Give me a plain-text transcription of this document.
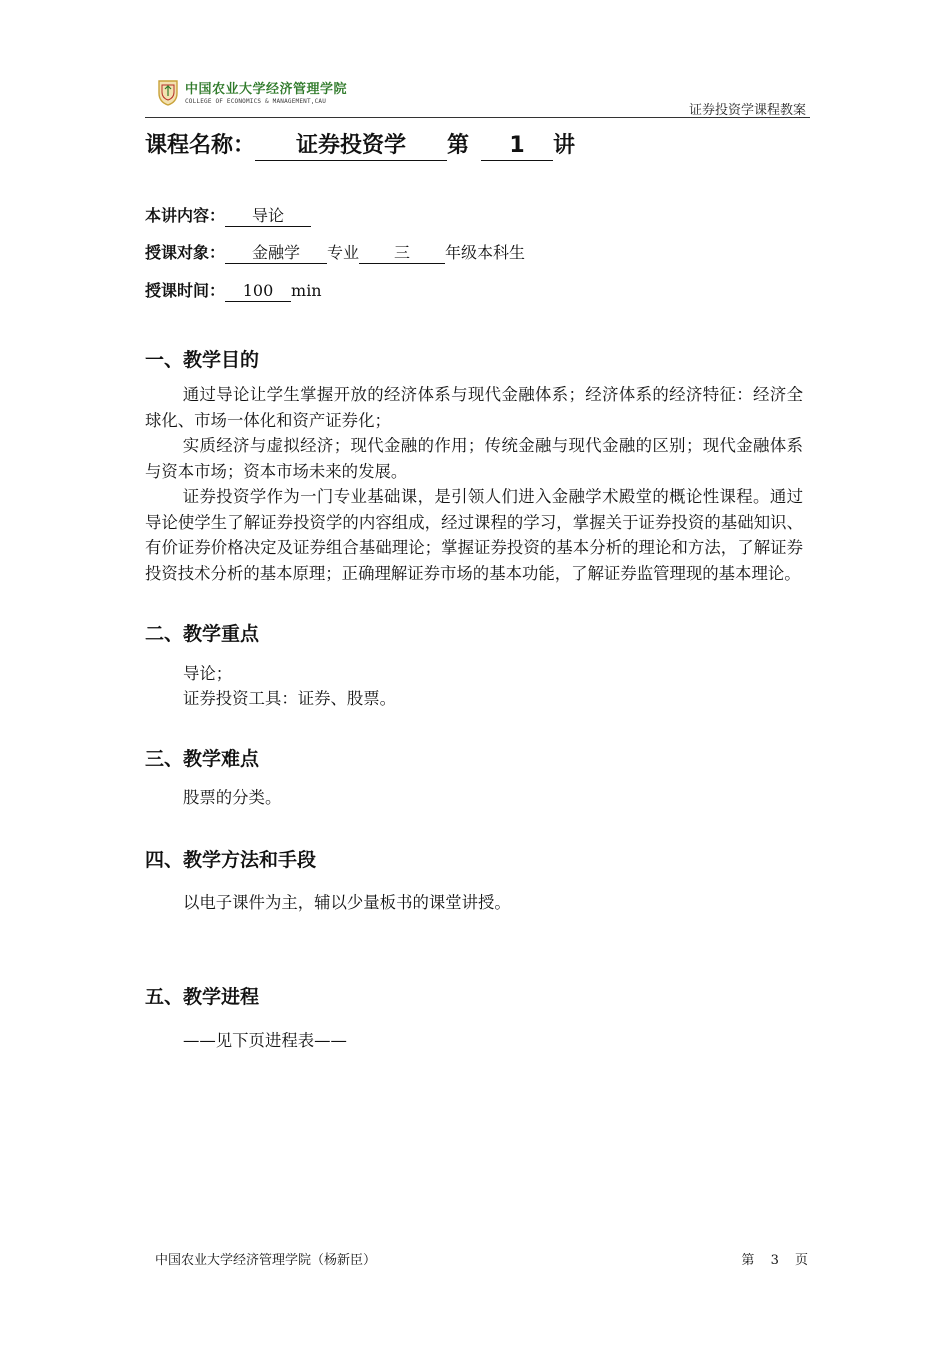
中国农业大学经济管理学院
COLLEGE OF ECONOMICS & MANAGEMENT,CAU
证券投资学课程教案
课程名称： 证券投资学 第 1 讲
本讲内容： 导论
授课对象： 金融学 专业 三 年级本科生
授课时间： 100 min
一、教学目的

通过导论让学生掌握开放的经济体系与现代金融体系；经济体系的经济特征：经济全球化、市场一体化和资产证券化；

实质经济与虚拟经济；现代金融的作用；传统金融与现代金融的区别；现代金融体系与资本市场；资本市场未来的发展。

证券投资学作为一门专业基础课，是引领人们进入金融学术殿堂的概论性课程。通过导论使学生了解证券投资学的内容组成，经过课程的学习，掌握关于证券投资的基础知识、有价证券价格决定及证券组合基础理论；掌握证券投资的基本分析的理论和方法，了解证券投资技术分析的基本原理；正确理解证券市场的基本功能，了解证券监管理现的基本理论。

二、教学重点
导论；
证券投资工具：证券、股票。
三、教学难点
股票的分类。
四、教学方法和手段
以电子课件为主，辅以少量板书的课堂讲授。
五、教学进程
——见下页进程表——
中国农业大学经济管理学院（杨新臣）	第 3 页
